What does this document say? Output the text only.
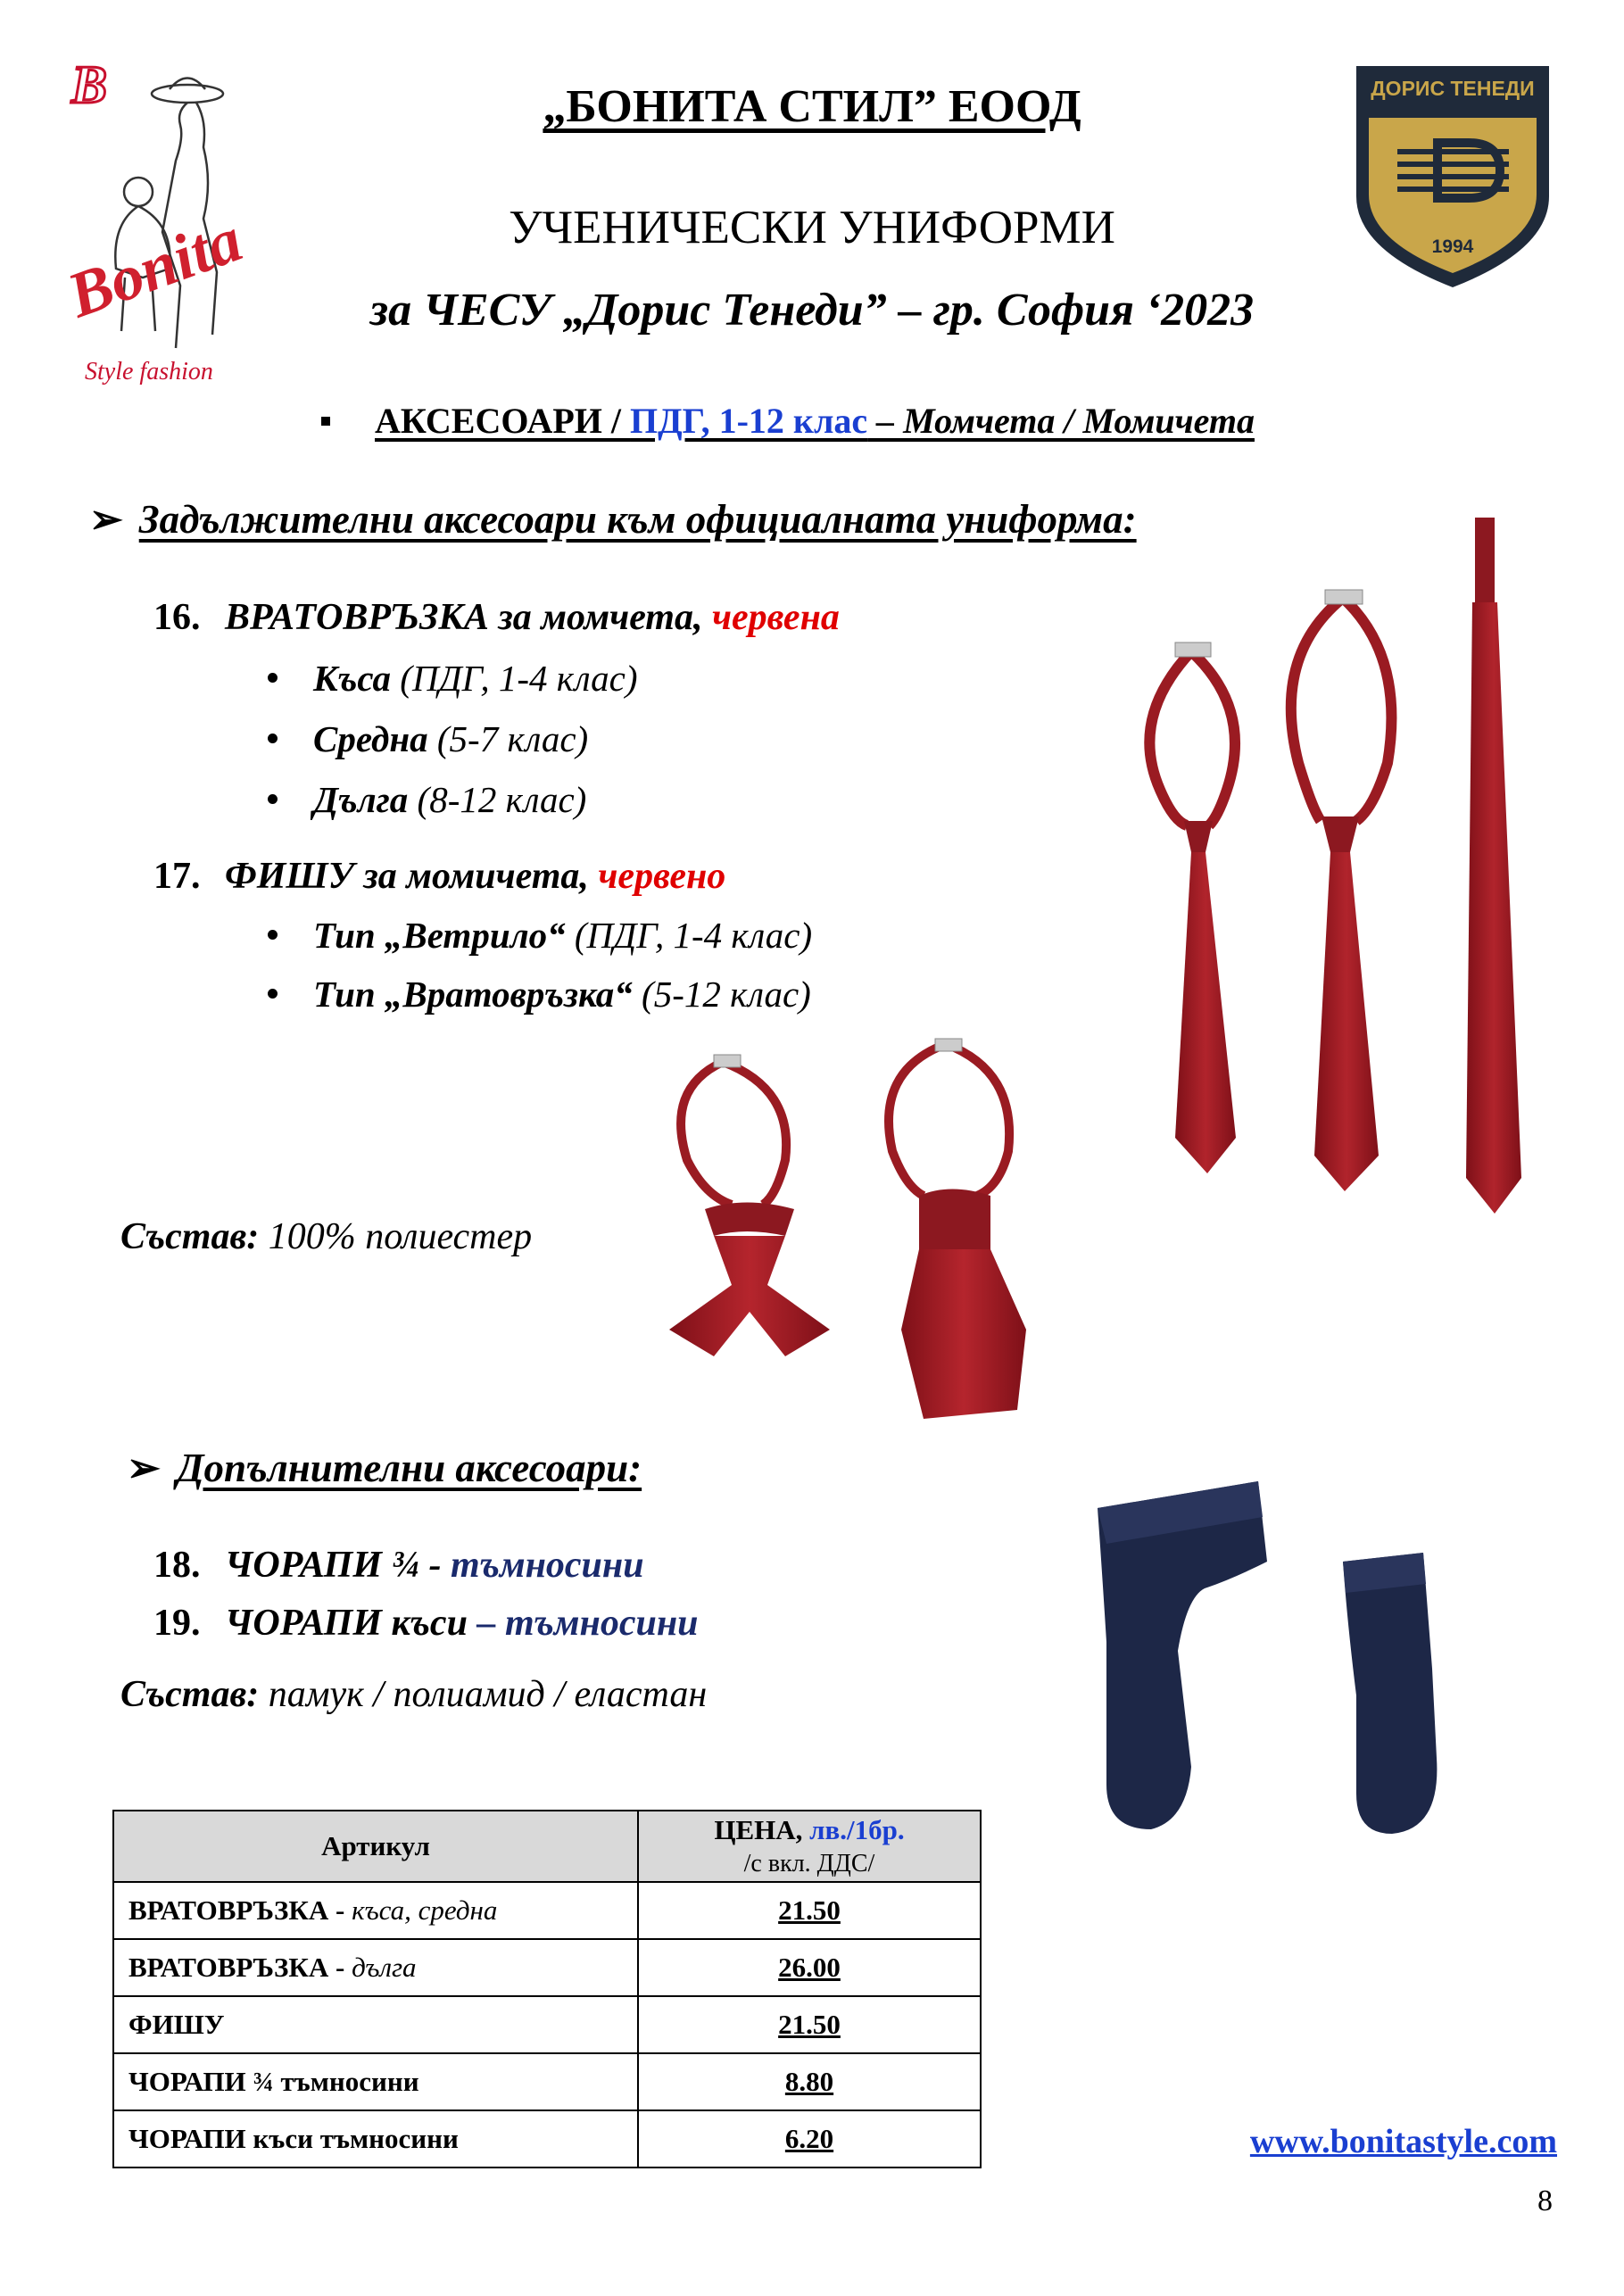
B
Bonita
Style fashion
ДОРИС ТЕНЕДИ
1994
„БОНИТА СТИЛ” ЕООД
УЧЕНИЧЕСКИ УНИФОРМИ
за ЧЕСУ „Дорис Тенеди” – гр. София ‘2023
АКСЕСОАРИ / ПДГ, 1-12 клас – Момчета / Момичета
➢ Задължителни аксесоари към официалната униформа:
16. ВРАТОВРЪЗКА за момчета, червена
Къса (ПДГ, 1-4 клас)
Средна (5-7 клас)
Дълга (8-12 клас)
17. ФИШУ за момичета, червено
Тип „Ветрило“ (ПДГ, 1-4 клас)
Тип „Вратовръзка“ (5-12 клас)
Състав: 100% полиестер
➢ Допълнителни аксесоари:
18. ЧОРАПИ ¾ - тъмносини
19. ЧОРАПИ къси – тъмносини
Състав: памук / полиамид / еластан
Артикул	ЦЕНА, лв./1бр.
/с вкл. ДДС/
ВРАТОВРЪЗКА - къса, средна	21.50
ВРАТОВРЪЗКА - дълга	26.00
ФИШУ	21.50
ЧОРАПИ ¾ тъмносини	8.80
ЧОРАПИ къси тъмносини	6.20	www.bonitastyle.com
8
